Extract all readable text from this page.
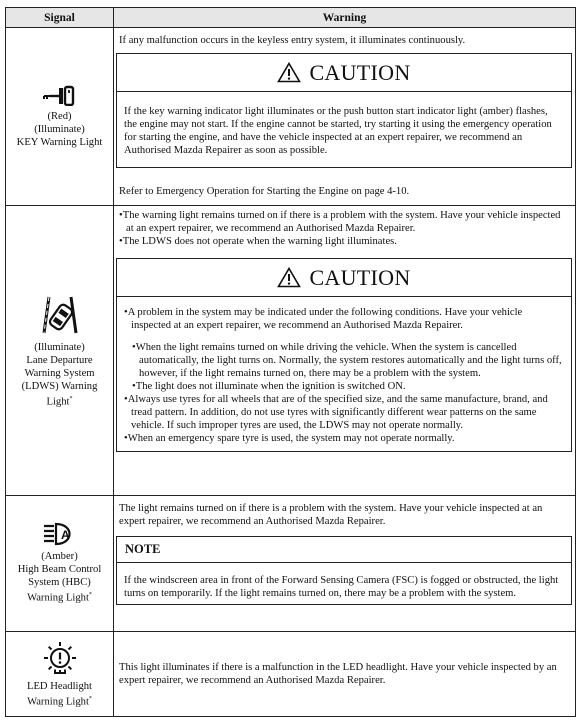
Signal	Warning
(Red)
(Illuminate)
KEY Warning Light
If any malfunction occurs in the keyless entry system, it illuminates continuously.
CAUTION
If the key warning indicator light illuminates or the push button start indicator light (amber) flashes, the engine may not start. If the engine cannot be started, try starting it using the emergency operation for starting the engine, and have the vehicle inspected at an expert repairer, we recommend an Authorised Mazda Repairer as soon as possible.
Refer to Emergency Operation for Starting the Engine on page 4-10.
(Illuminate)
Lane Departure
Warning System
(LDWS) Warning
Light*
•The warning light remains turned on if there is a problem with the system. Have your vehicle inspected at an expert repairer, we recommend an Authorised Mazda Repairer.
•The LDWS does not operate when the warning light illuminates.
CAUTION
•A problem in the system may be indicated under the following conditions. Have your vehicle inspected at an expert repairer, we recommend an Authorised Mazda Repairer.
•When the light remains turned on while driving the vehicle. When the system is cancelled automatically, the light turns on. Normally, the system restores automatically and the light turns off, however, if the light remains turned on, there may be a problem with the system.
•The light does not illuminate when the ignition is switched ON.
•Always use tyres for all wheels that are of the specified size, and the same manufacture, brand, and tread pattern. In addition, do not use tyres with significantly different wear patterns on the same vehicle. If such improper tyres are used, the LDWS may not operate normally.
•When an emergency spare tyre is used, the system may not operate normally.
A
(Amber)
High Beam Control
System (HBC)
Warning Light*
The light remains turned on if there is a problem with the system. Have your vehicle inspected at an expert repairer, we recommend an Authorised Mazda Repairer.
NOTE
If the windscreen area in front of the Forward Sensing Camera (FSC) is fogged or obstructed, the light turns on temporarily. If the light remains turned on, there may be a problem with the system.
LED Headlight
Warning Light*
This light illuminates if there is a malfunction in the LED headlight. Have your vehicle inspected by an expert repairer, we recommend an Authorised Mazda Repairer.
